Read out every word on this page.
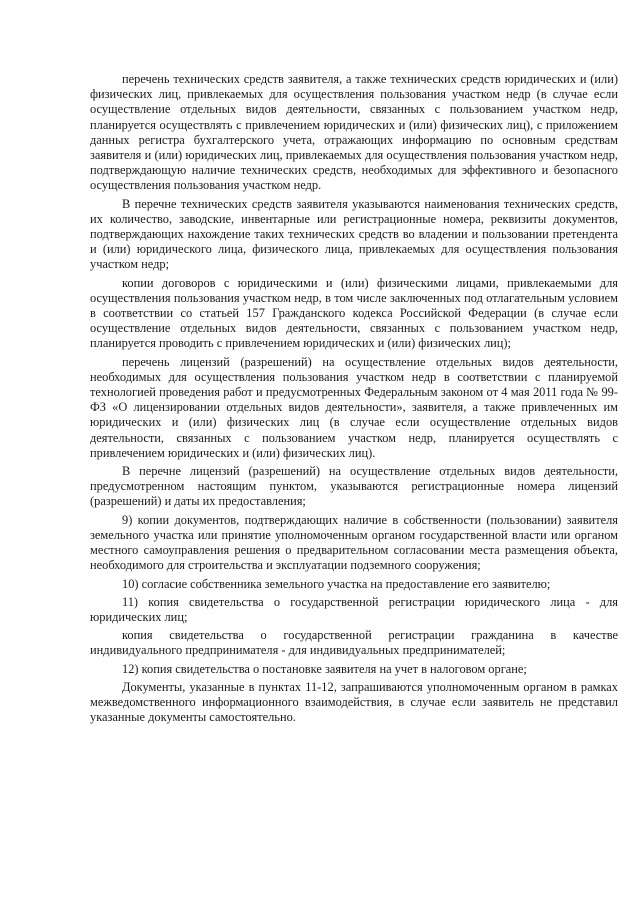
перечень технических средств заявителя, а также технических средств юридических и (или) физических лиц, привлекаемых для осуществления пользования участком недр (в случае если осуществление отдельных видов деятельности, связанных с пользованием участком недр, планируется осуществлять с привлечением юридических и (или) физических лиц), с приложением данных регистра бухгалтерского учета, отражающих информацию по основным средствам заявителя и (или) юридических лиц, привлекаемых для осуществления пользования участком недр, подтверждающую наличие технических средств, необходимых для эффективного и безопасного осуществления пользования участком недр.

В перечне технических средств заявителя указываются наименования технических средств, их количество, заводские, инвентарные или регистрационные номера, реквизиты документов, подтверждающих нахождение таких технических средств во владении и пользовании претендента и (или) юридического лица, физического лица, привлекаемых для осуществления пользования участком недр;

копии договоров с юридическими и (или) физическими лицами, привлекаемыми для осуществления пользования участком недр, в том числе заключенных под отлагательным условием в соответствии со статьей 157 Гражданского кодекса Российской Федерации (в случае если осуществление отдельных видов деятельности, связанных с пользованием участком недр, планируется проводить с привлечением юридических и (или) физических лиц);

перечень лицензий (разрешений) на осуществление отдельных видов деятельности, необходимых для осуществления пользования участком недр в соответствии с планируемой технологией проведения работ и предусмотренных Федеральным законом от 4 мая 2011 года № 99-ФЗ «О лицензировании отдельных видов деятельности», заявителя, а также привлеченных им юридических и (или) физических лиц (в случае если осуществление отдельных видов деятельности, связанных с пользованием участком недр, планируется осуществлять с привлечением юридических и (или) физических лиц).

В перечне лицензий (разрешений) на осуществление отдельных видов деятельности, предусмотренном настоящим пунктом, указываются регистрационные номера лицензий (разрешений) и даты их предоставления;

9) копии документов, подтверждающих наличие в собственности (пользовании) заявителя земельного участка или принятие уполномоченным органом государственной власти или органом местного самоуправления решения о предварительном согласовании места размещения объекта, необходимого для строительства и эксплуатации подземного сооружения;

10) согласие собственника земельного участка на предоставление его заявителю;

11) копия свидетельства о государственной регистрации юридического лица - для юридических лиц;

копия свидетельства о государственной регистрации гражданина в качестве индивидуального предпринимателя - для индивидуальных предпринимателей;

12) копия свидетельства о постановке заявителя на учет в налоговом органе;

Документы, указанные в пунктах 11-12, запрашиваются уполномоченным органом в рамках межведомственного информационного взаимодействия, в случае если заявитель не представил указанные документы самостоятельно.
